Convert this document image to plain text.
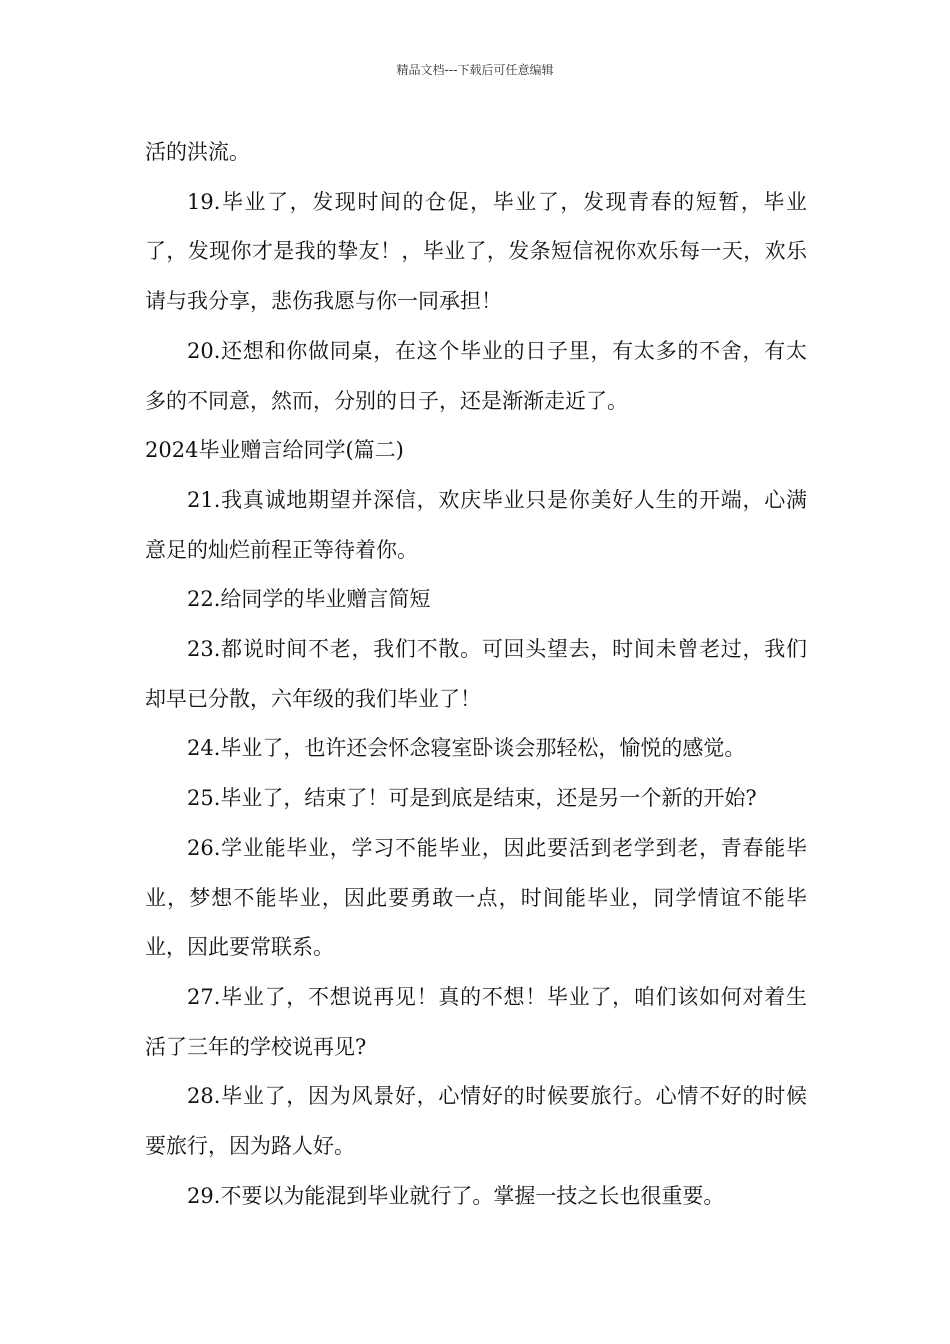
精品文档---下载后可任意编辑

活的洪流。

19.毕业了，发现时间的仓促，毕业了，发现青春的短暂，毕业了，发现你才是我的挚友！，毕业了，发条短信祝你欢乐每一天，欢乐请与我分享，悲伤我愿与你一同承担！

20.还想和你做同桌，在这个毕业的日子里，有太多的不舍，有太多的不同意，然而，分别的日子，还是渐渐走近了。

2024毕业赠言给同学(篇二)

21.我真诚地期望并深信，欢庆毕业只是你美好人生的开端，心满意足的灿烂前程正等待着你。

22.给同学的毕业赠言简短

23.都说时间不老，我们不散。可回头望去，时间未曾老过，我们却早已分散，六年级的我们毕业了！

24.毕业了，也许还会怀念寝室卧谈会那轻松，愉悦的感觉。

25.毕业了，结束了！可是到底是结束，还是另一个新的开始?

26.学业能毕业，学习不能毕业，因此要活到老学到老，青春能毕业，梦想不能毕业，因此要勇敢一点，时间能毕业，同学情谊不能毕业，因此要常联系。

27.毕业了，不想说再见！真的不想！毕业了，咱们该如何对着生活了三年的学校说再见?

28.毕业了，因为风景好，心情好的时候要旅行。心情不好的时候要旅行，因为路人好。

29.不要以为能混到毕业就行了。掌握一技之长也很重要。
